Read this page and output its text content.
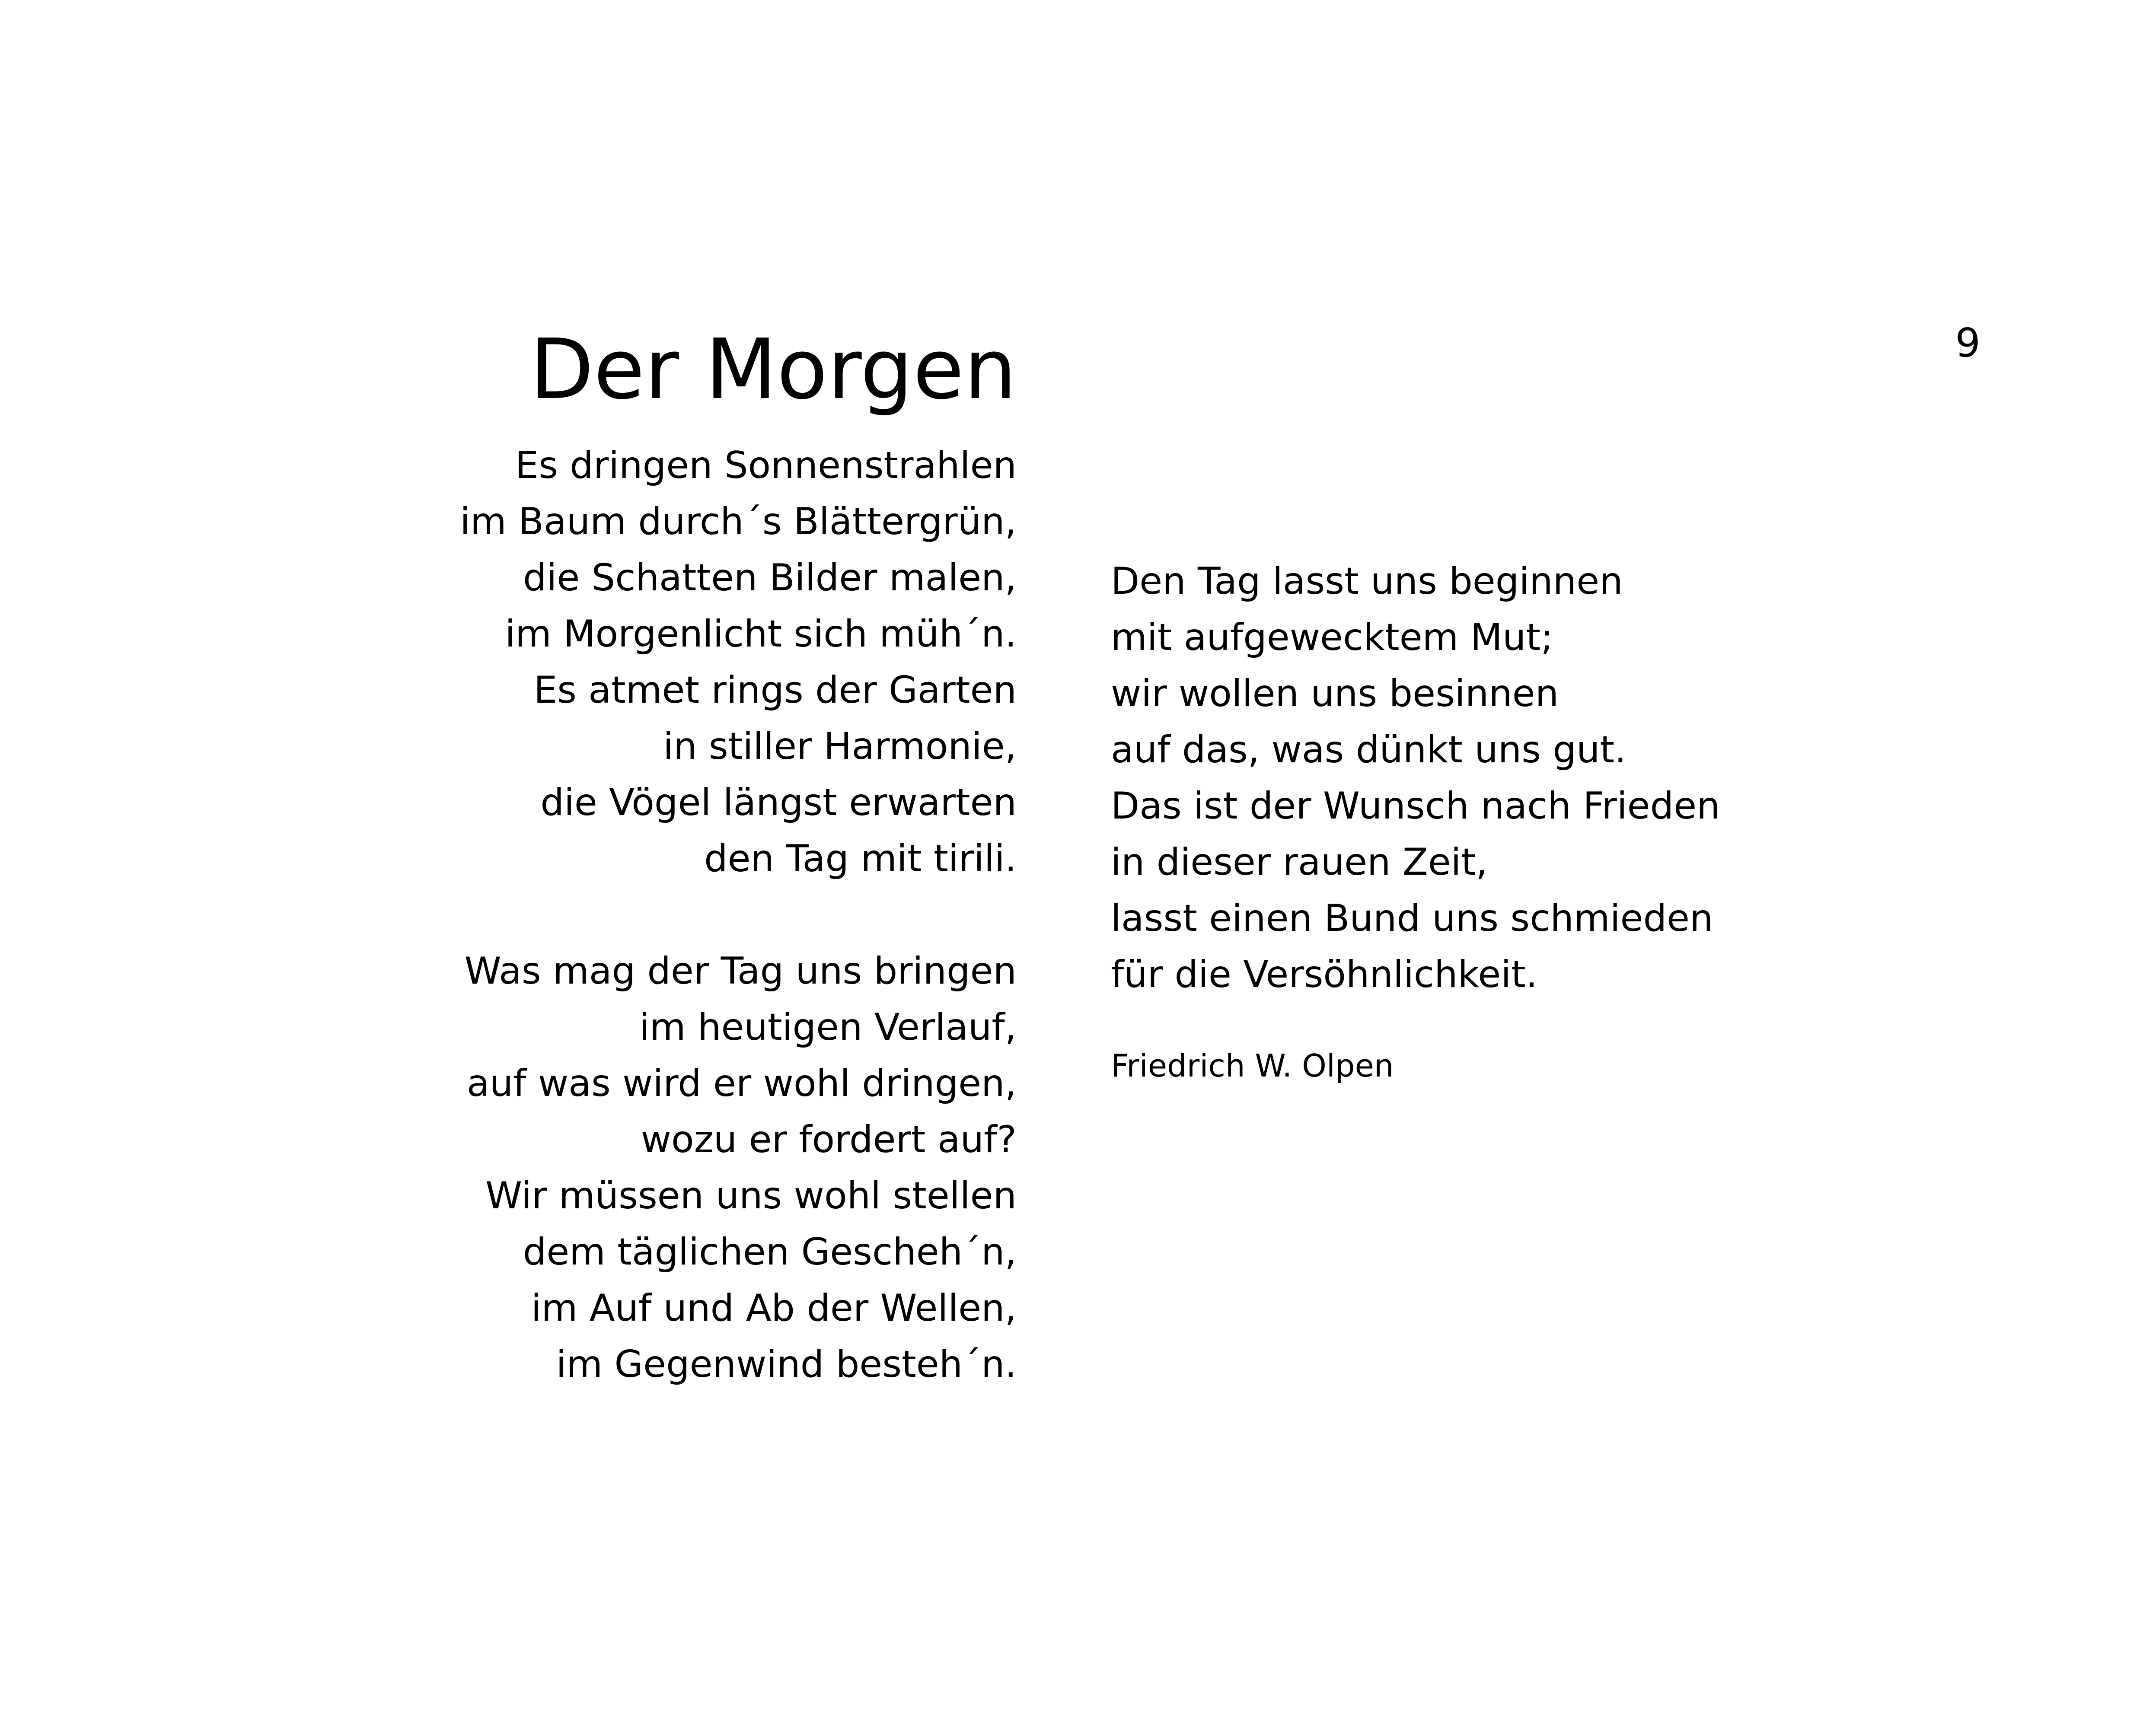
9
Der Morgen
Es dringen Sonnenstrahlen
im Baum durch´s Blättergrün,
die Schatten Bilder malen,
im Morgenlicht sich müh´n.
Es atmet rings der Garten
in stiller Harmonie,
die Vögel längst erwarten
den Tag mit tirili.
Was mag der Tag uns bringen
im heutigen Verlauf,
auf was wird er wohl dringen,
wozu er fordert auf?
Wir müssen uns wohl stellen
dem täglichen Gescheh´n,
im Auf und Ab der Wellen,
im Gegenwind besteh´n.
Den Tag lasst uns beginnen
mit aufgewecktem Mut;
wir wollen uns besinnen
auf das, was dünkt uns gut.
Das ist der Wunsch nach Frieden
in dieser rauen Zeit,
lasst einen Bund uns schmieden
für die Versöhnlichkeit.
Friedrich W. Olpen
